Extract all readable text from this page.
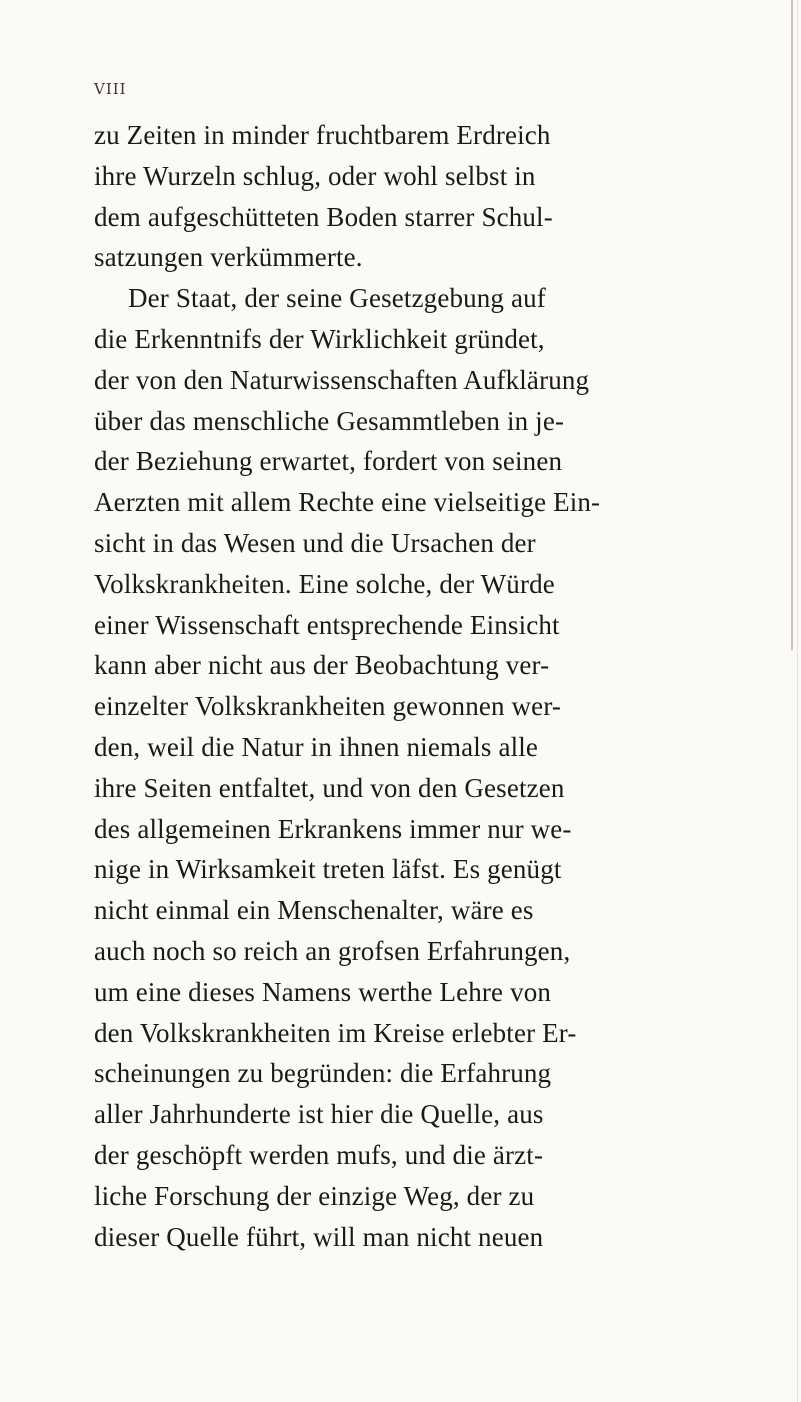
VIII
zu Zeiten in minder fruchtbarem Erdreich
ihre Wurzeln schlug, oder wohl selbst in
dem aufgeschütteten Boden starrer Schul-
satzungen verkümmerte.
Der Staat, der seine Gesetzgebung auf
die Erkenntnifs der Wirklichkeit gründet,
der von den Naturwissenschaften Aufklärung
über das menschliche Gesammtleben in je-
der Beziehung erwartet, fordert von seinen
Aerzten mit allem Rechte eine vielseitige Ein-
sicht in das Wesen und die Ursachen der
Volkskrankheiten. Eine solche, der Würde
einer Wissenschaft entsprechende Einsicht
kann aber nicht aus der Beobachtung ver-
einzelter Volkskrankheiten gewonnen wer-
den, weil die Natur in ihnen niemals alle
ihre Seiten entfaltet, und von den Gesetzen
des allgemeinen Erkrankens immer nur we-
nige in Wirksamkeit treten läfst. Es genügt
nicht einmal ein Menschenalter, wäre es
auch noch so reich an grofsen Erfahrungen,
um eine dieses Namens werthe Lehre von
den Volkskrankheiten im Kreise erlebter Er-
scheinungen zu begründen: die Erfahrung
aller Jahrhunderte ist hier die Quelle, aus
der geschöpft werden mufs, und die ärzt-
liche Forschung der einzige Weg, der zu
dieser Quelle führt, will man nicht neuen
